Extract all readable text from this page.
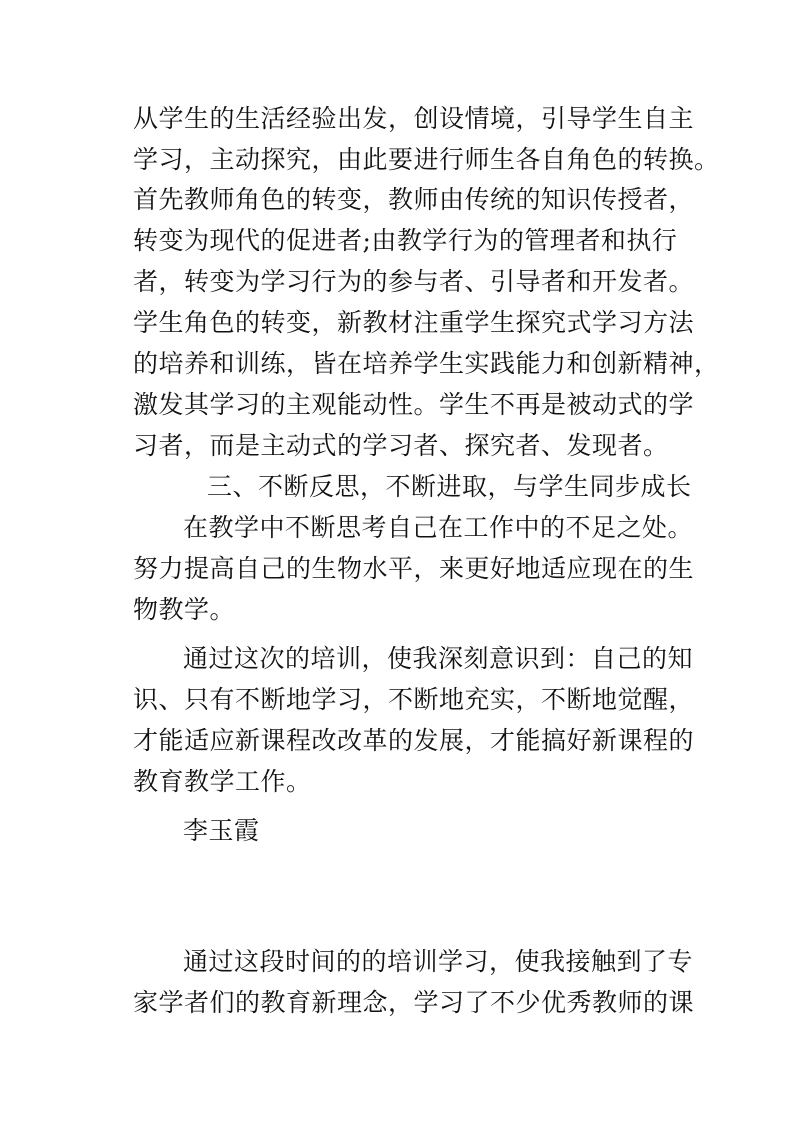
从学生的生活经验出发，创设情境，引导学生自主
学习，主动探究，由此要进行师生各自角色的转换。
首先教师角色的转变，教师由传统的知识传授者，
转变为现代的促进者;由教学行为的管理者和执行
者，转变为学习行为的参与者、引导者和开发者。
学生角色的转变，新教材注重学生探究式学习方法
的培养和训练，皆在培养学生实践能力和创新精神，
激发其学习的主观能动性。学生不再是被动式的学
习者，而是主动式的学习者、探究者、发现者。
三、不断反思，不断进取，与学生同步成长
在教学中不断思考自己在工作中的不足之处。
努力提高自己的生物水平，来更好地适应现在的生
物教学。
通过这次的培训，使我深刻意识到：自己的知
识、只有不断地学习，不断地充实，不断地觉醒，
才能适应新课程改改革的发展，才能搞好新课程的
教育教学工作。
李玉霞
通过这段时间的的培训学习，使我接触到了专
家学者们的教育新理念，学习了不少优秀教师的课
